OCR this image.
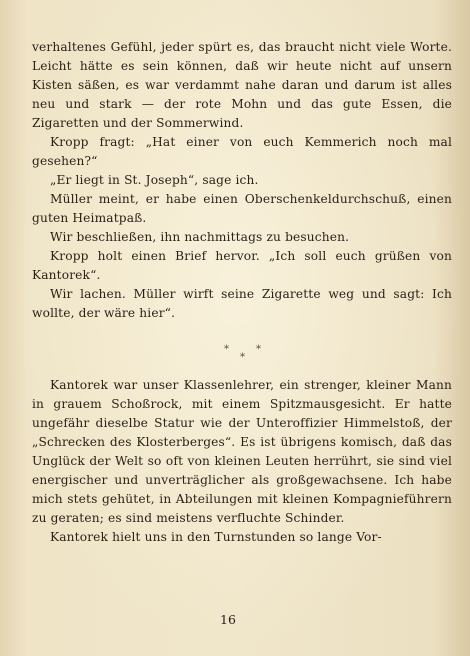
verhaltenes Gefühl, jeder spürt es, das braucht nicht viele Worte. Leicht hätte es sein können, daß wir heute nicht auf unsern Kisten säßen, es war verdammt nahe daran und darum ist alles neu und stark — der rote Mohn und das gute Essen, die Zigaretten und der Sommerwind.

Kropp fragt: „Hat einer von euch Kemmerich noch mal gesehen?“

„Er liegt in St. Joseph“, sage ich.

Müller meint, er habe einen Oberschenkeldurchschuß, einen guten Heimatpaß.

Wir beschließen, ihn nachmittags zu besuchen.

Kropp holt einen Brief hervor. „Ich soll euch grüßen von Kantorek“.

Wir lachen. Müller wirft seine Zigarette weg und sagt: Ich wollte, der wäre hier“.

*	*
*

Kantorek war unser Klassenlehrer, ein strenger, kleiner Mann in grauem Schoßrock, mit einem Spitzmausgesicht. Er hatte ungefähr dieselbe Statur wie der Unteroffizier Himmelstoß, der „Schrecken des Klosterberges“. Es ist übrigens komisch, daß das Unglück der Welt so oft von kleinen Leuten herrührt, sie sind viel energischer und unverträglicher als großgewachsene. Ich habe mich stets gehütet, in Abteilungen mit kleinen Kompagnieführern zu geraten; es sind meistens verfluchte Schinder.

Kantorek hielt uns in den Turnstunden so lange Vor-

16
